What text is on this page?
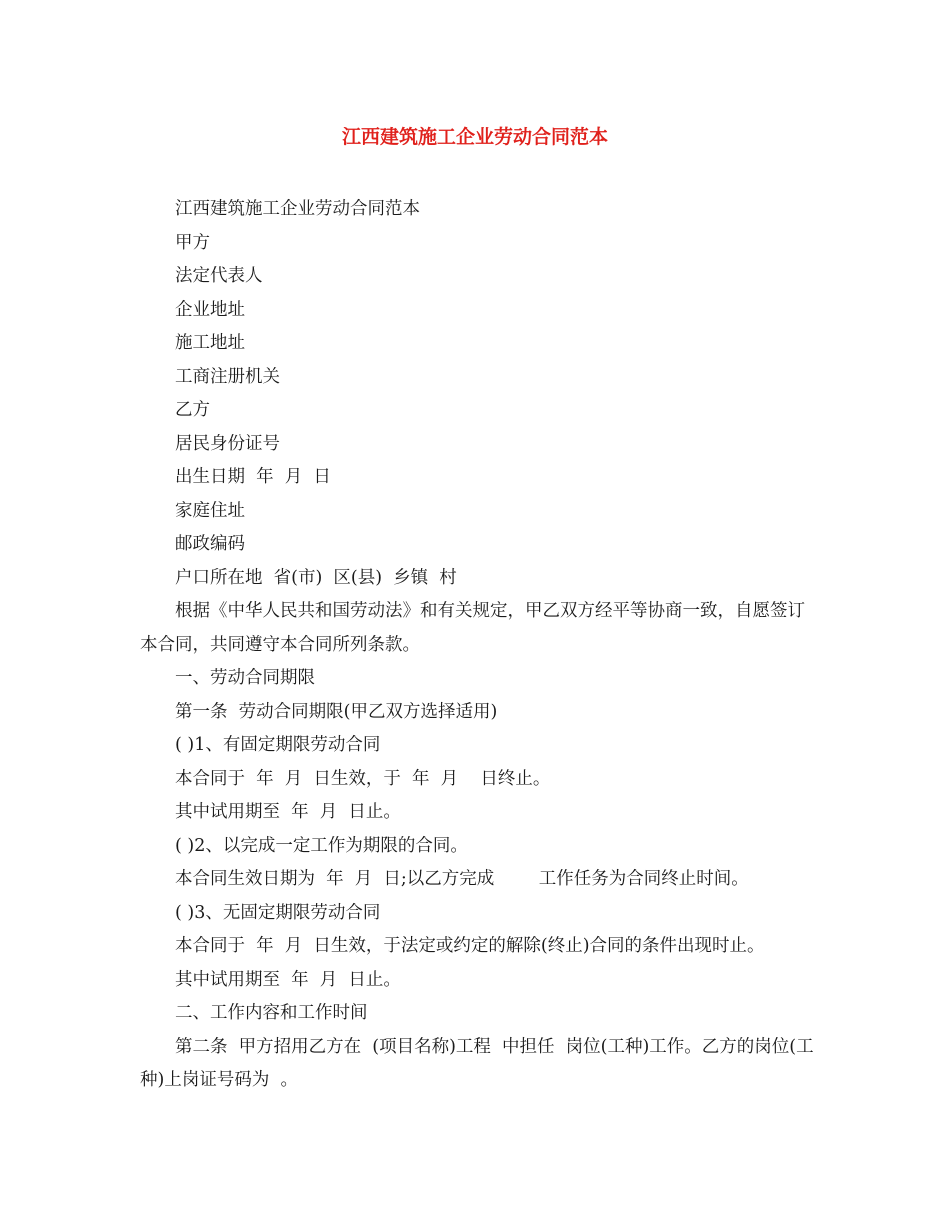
江西建筑施工企业劳动合同范本

江西建筑施工企业劳动合同范本

甲方

法定代表人

企业地址

施工地址

工商注册机关

乙方

居民身份证号

出生日期  年  月  日

家庭住址

邮政编码

户口所在地  省(市)  区(县)  乡镇  村

根据《中华人民共和国劳动法》和有关规定，甲乙双方经平等协商一致，自愿签订本合同，共同遵守本合同所列条款。

一、劳动合同期限

第一条  劳动合同期限(甲乙双方选择适用)

( )1、有固定期限劳动合同

本合同于  年  月  日生效，于  年  月    日终止。

其中试用期至  年  月  日止。

( )2、以完成一定工作为期限的合同。

本合同生效日期为  年  月  日;以乙方完成        工作任务为合同终止时间。

( )3、无固定期限劳动合同

本合同于  年  月  日生效，于法定或约定的解除(终止)合同的条件出现时止。

其中试用期至  年  月  日止。

二、工作内容和工作时间

第二条  甲方招用乙方在  (项目名称)工程  中担任  岗位(工种)工作。乙方的岗位(工种)上岗证号码为  。
